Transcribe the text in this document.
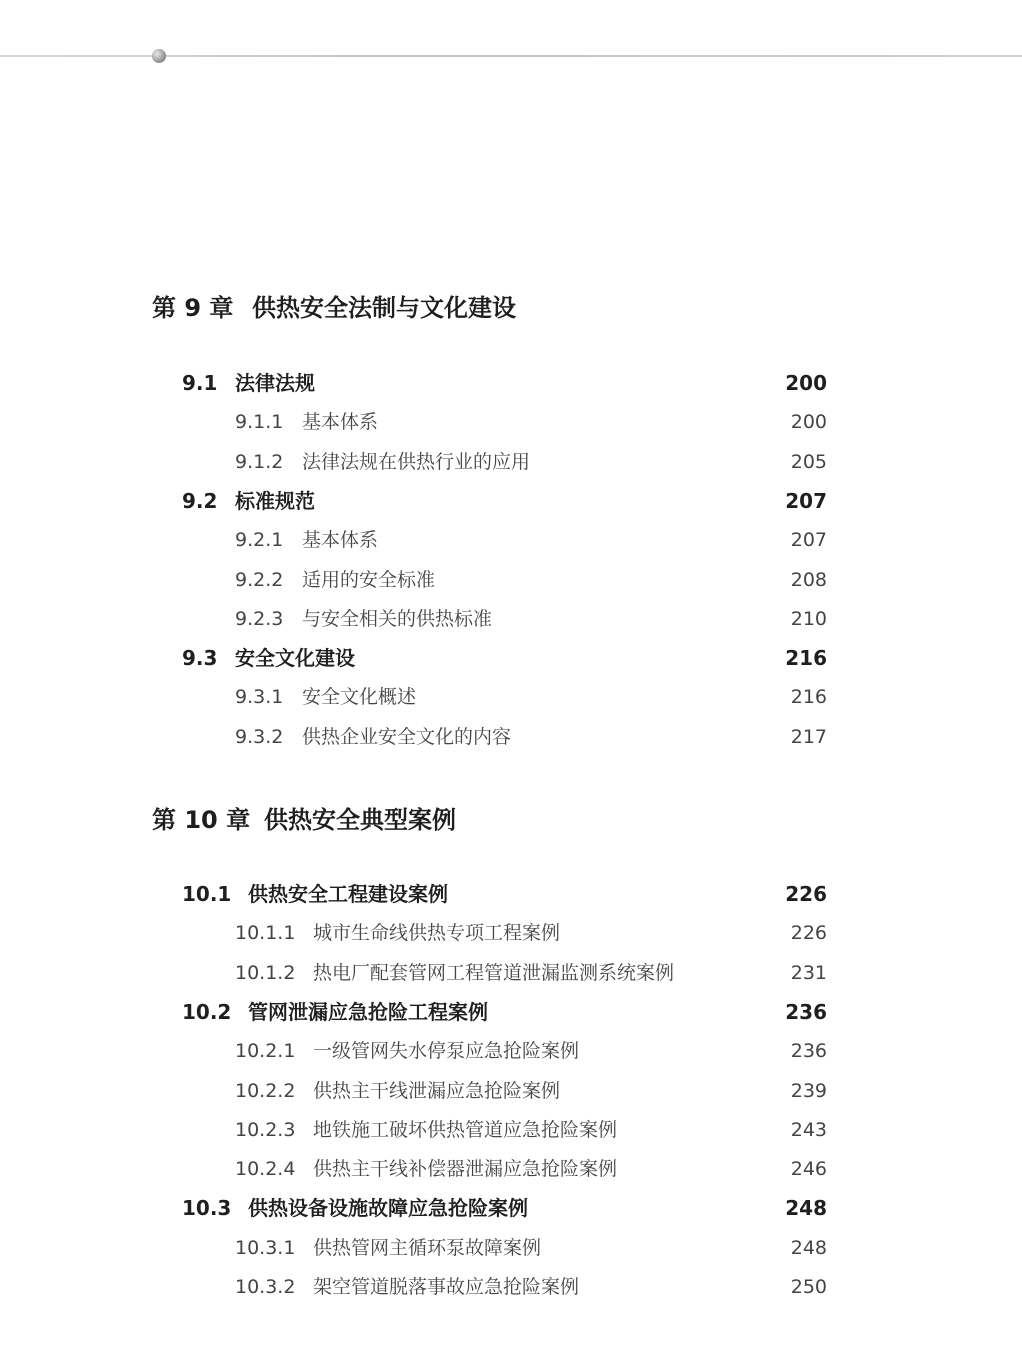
第 9 章 供热安全法制与文化建设
9.1 法律法规	200
9.1.1 基本体系	200
9.1.2 法律法规在供热行业的应用	205
9.2 标准规范	207
9.2.1 基本体系	207
9.2.2 适用的安全标准	208
9.2.3 与安全相关的供热标准	210
9.3 安全文化建设	216
9.3.1 安全文化概述	216
9.3.2 供热企业安全文化的内容	217
第 10 章 供热安全典型案例
10.1 供热安全工程建设案例	226
10.1.1 城市生命线供热专项工程案例	226
10.1.2 热电厂配套管网工程管道泄漏监测系统案例	231
10.2 管网泄漏应急抢险工程案例	236
10.2.1 一级管网失水停泵应急抢险案例	236
10.2.2 供热主干线泄漏应急抢险案例	239
10.2.3 地铁施工破坏供热管道应急抢险案例	243
10.2.4 供热主干线补偿器泄漏应急抢险案例	246
10.3 供热设备设施故障应急抢险案例	248
10.3.1 供热管网主循环泵故障案例	248
10.3.2 架空管道脱落事故应急抢险案例	250
